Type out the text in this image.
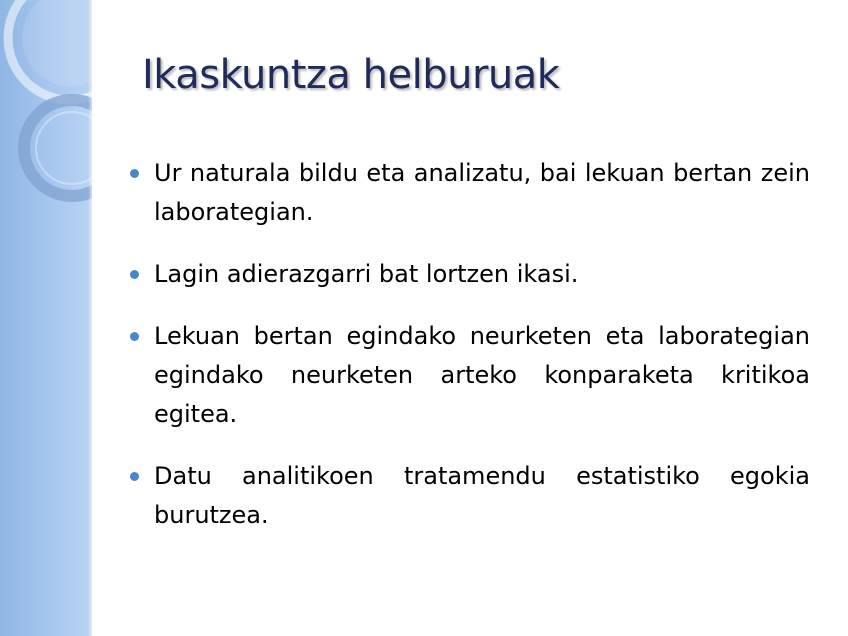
Ikaskuntza helburuak
Ur naturala bildu eta analizatu, bai lekuan bertan zein laborategian.
Lagin adierazgarri bat lortzen ikasi.
Lekuan bertan egindako neurketen eta laborategian egindako neurketen arteko konparaketa kritikoa egitea.
Datu analitikoen tratamendu estatistiko egokia burutzea.
